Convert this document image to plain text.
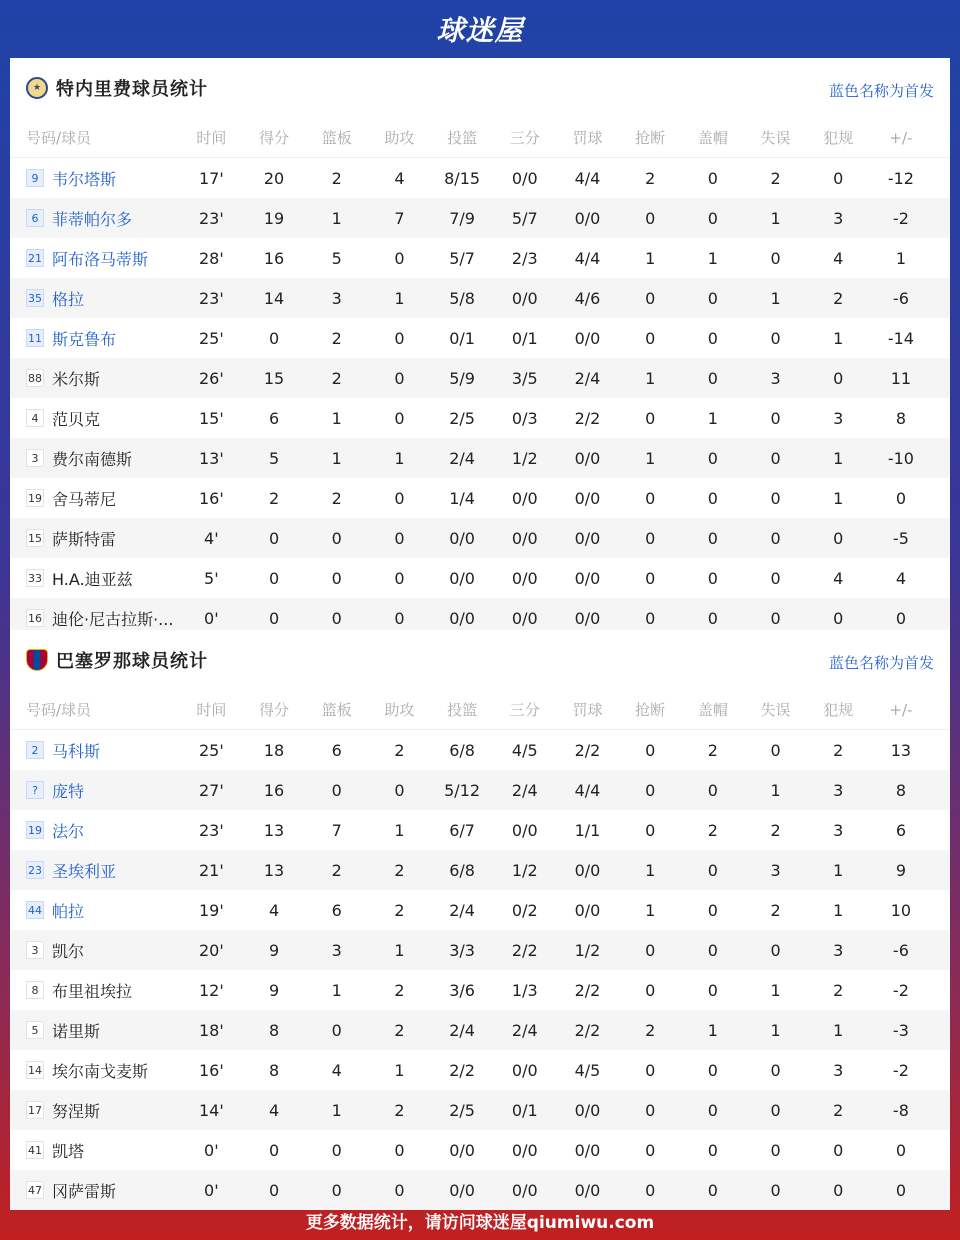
球迷屋
★ 特内里费球员统计	蓝色名称为首发
号码/球员	时间	得分	篮板	助攻	投篮	三分	罚球	抢断	盖帽	失误	犯规	+/-
9 韦尔塔斯	17'	20	2	4	8/15	0/0	4/4	2	0	2	0	-12
6 菲蒂帕尔多	23'	19	1	7	7/9	5/7	0/0	0	0	1	3	-2
21 阿布洛马蒂斯	28'	16	5	0	5/7	2/3	4/4	1	1	0	4	1
35 格拉	23'	14	3	1	5/8	0/0	4/6	0	0	1	2	-6
11 斯克鲁布	25'	0	2	0	0/1	0/1	0/0	0	0	0	1	-14
88 米尔斯	26'	15	2	0	5/9	3/5	2/4	1	0	3	0	11
4 范贝克	15'	6	1	0	2/5	0/3	2/2	0	1	0	3	8
3 费尔南德斯	13'	5	1	1	2/4	1/2	0/0	1	0	0	1	-10
19 舍马蒂尼	16'	2	2	0	1/4	0/0	0/0	0	0	0	1	0
15 萨斯特雷	4'	0	0	0	0/0	0/0	0/0	0	0	0	0	-5
33 H.A.迪亚兹	5'	0	0	0	0/0	0/0	0/0	0	0	0	4	4
16 迪伦·尼古拉斯·...	0'	0	0	0	0/0	0/0	0/0	0	0	0	0	0
巴塞罗那球员统计	蓝色名称为首发
号码/球员	时间	得分	篮板	助攻	投篮	三分	罚球	抢断	盖帽	失误	犯规	+/-
2 马科斯	25'	18	6	2	6/8	4/5	2/2	0	2	0	2	13
? 庞特	27'	16	0	0	5/12	2/4	4/4	0	0	1	3	8
19 法尔	23'	13	7	1	6/7	0/0	1/1	0	2	2	3	6
23 圣埃利亚	21'	13	2	2	6/8	1/2	0/0	1	0	3	1	9
44 帕拉	19'	4	6	2	2/4	0/2	0/0	1	0	2	1	10
3 凯尔	20'	9	3	1	3/3	2/2	1/2	0	0	0	3	-6
8 布里祖埃拉	12'	9	1	2	3/6	1/3	2/2	0	0	1	2	-2
5 诺里斯	18'	8	0	2	2/4	2/4	2/2	2	1	1	1	-3
14 埃尔南戈麦斯	16'	8	4	1	2/2	0/0	4/5	0	0	0	3	-2
17 努涅斯	14'	4	1	2	2/5	0/1	0/0	0	0	0	2	-8
41 凯塔	0'	0	0	0	0/0	0/0	0/0	0	0	0	0	0
47 冈萨雷斯	0'	0	0	0	0/0	0/0	0/0	0	0	0	0	0
更多数据统计，请访问球迷屋qiumiwu.com
